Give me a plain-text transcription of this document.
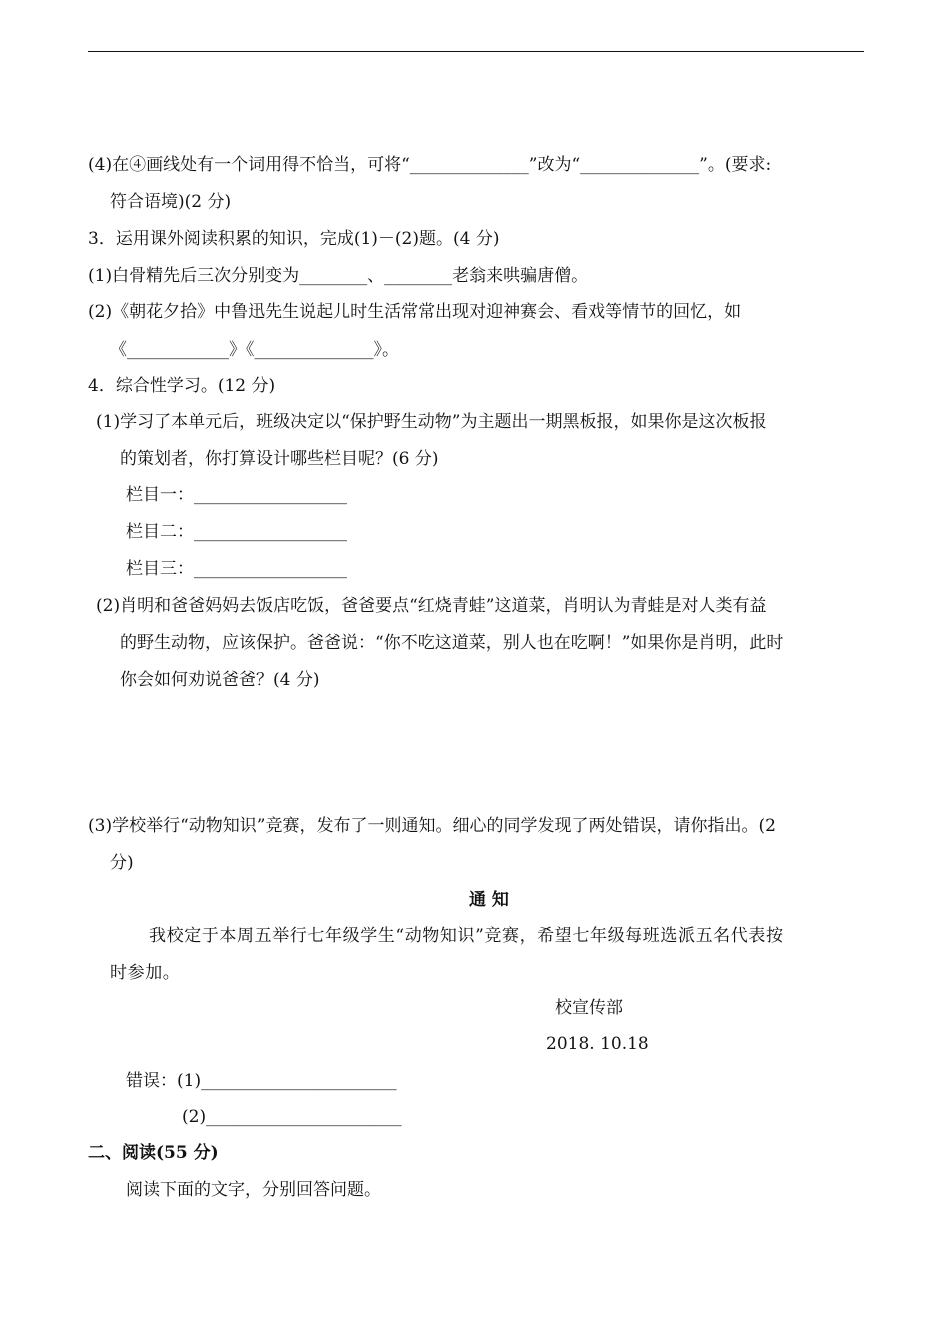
(4)在④画线处有一个词用得不恰当，可将“______________”改为“______________”。(要求:
符合语境)(2 分)
3．运用课外阅读积累的知识，完成(1)－(2)题。(4 分)
(1)白骨精先后三次分别变为________、________老翁来哄骗唐僧。
(2)《朝花夕拾》中鲁迅先生说起儿时生活常常出现对迎神赛会、看戏等情节的回忆，如
《____________》《______________》。
4．综合性学习。(12 分)
(1)学习了本单元后，班级决定以“保护野生动物”为主题出一期黑板报，如果你是这次板报
的策划者，你打算设计哪些栏目呢？(6 分)
栏目一：__________________
栏目二：__________________
栏目三：__________________
(2)肖明和爸爸妈妈去饭店吃饭，爸爸要点“红烧青蛙”这道菜，肖明认为青蛙是对人类有益
的野生动物，应该保护。爸爸说：“你不吃这道菜，别人也在吃啊！”如果你是肖明，此时
你会如何劝说爸爸？(4 分)
(3)学校举行“动物知识”竞赛，发布了一则通知。细心的同学发现了两处错误，请你指出。(2
分)
通 知
我校定于本周五举行七年级学生“动物知识”竞赛，希望七年级每班选派五名代表按
时参加。
校宣传部
2018. 10.18
错误：(1)_______________________
(2)_______________________
二、阅读(55 分)
阅读下面的文字，分别回答问题。
